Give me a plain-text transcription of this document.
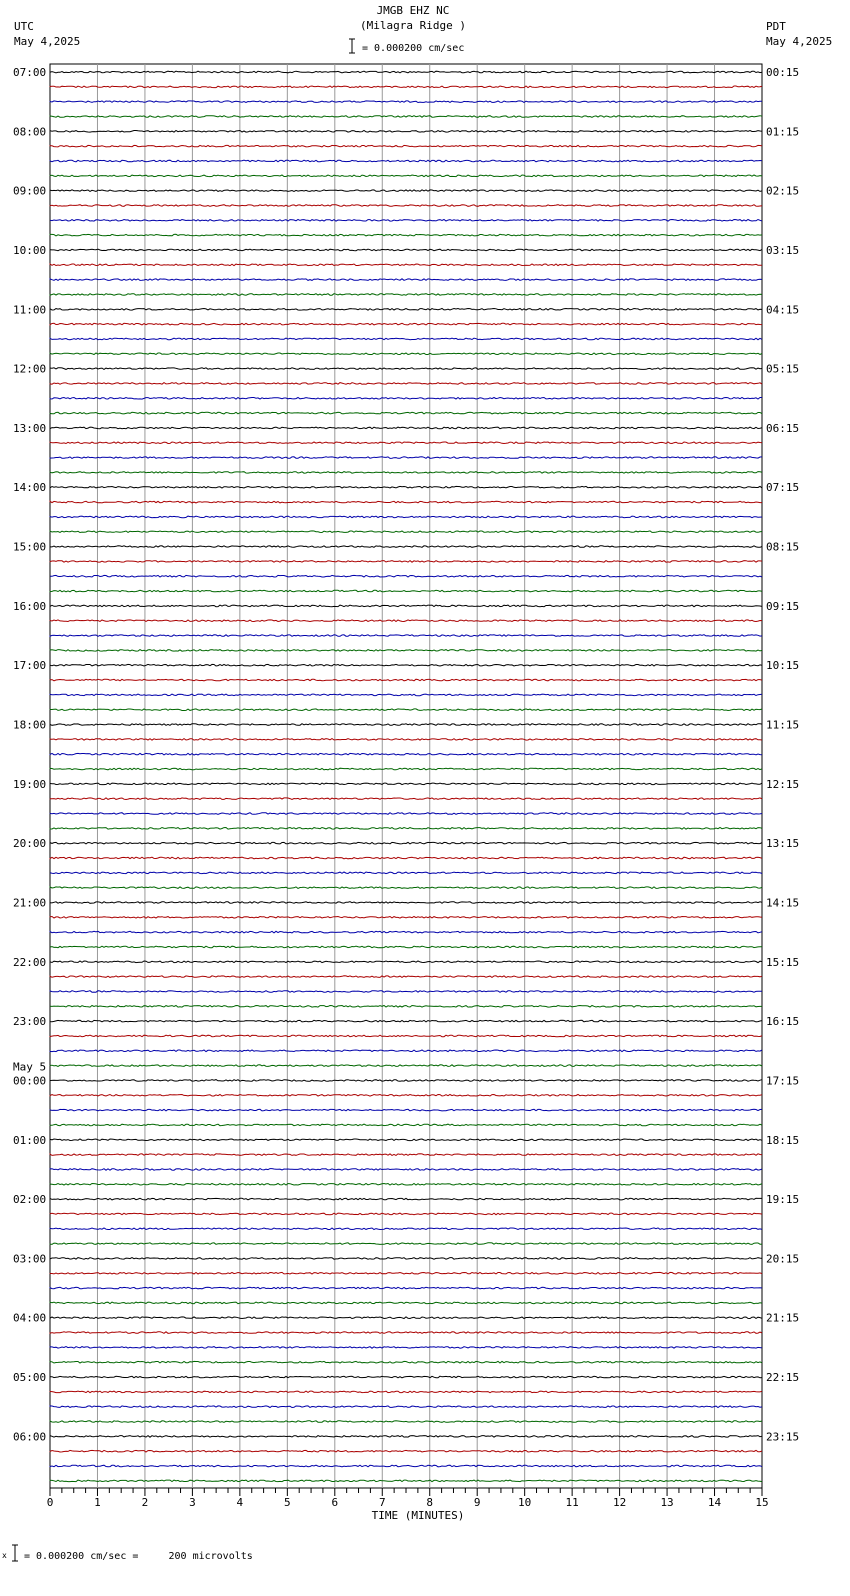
JMGB EHZ NC
(Milagra Ridge )

= 0.000200 cm/sec

UTC
May 4,2025
PDT
May 4,2025
07:00	00:15
08:00	01:15
09:00	02:15
10:00	03:15
11:00	04:15
12:00	05:15
13:00	06:15
14:00	07:15
15:00	08:15
16:00	09:15
17:00	10:15
18:00	11:15
19:00	12:15
20:00	13:15
21:00	14:15
22:00	15:15
23:00	16:15
00:00	17:15
01:00	18:15
02:00	19:15
03:00	20:15
04:00	21:15
05:00	22:15
06:00	23:15
May 5
0	1	2	3	4	5	6	7	8	9	10	11	12	13	14	15
TIME (MINUTES)

x

= 0.000200 cm/sec =     200 microvolts
